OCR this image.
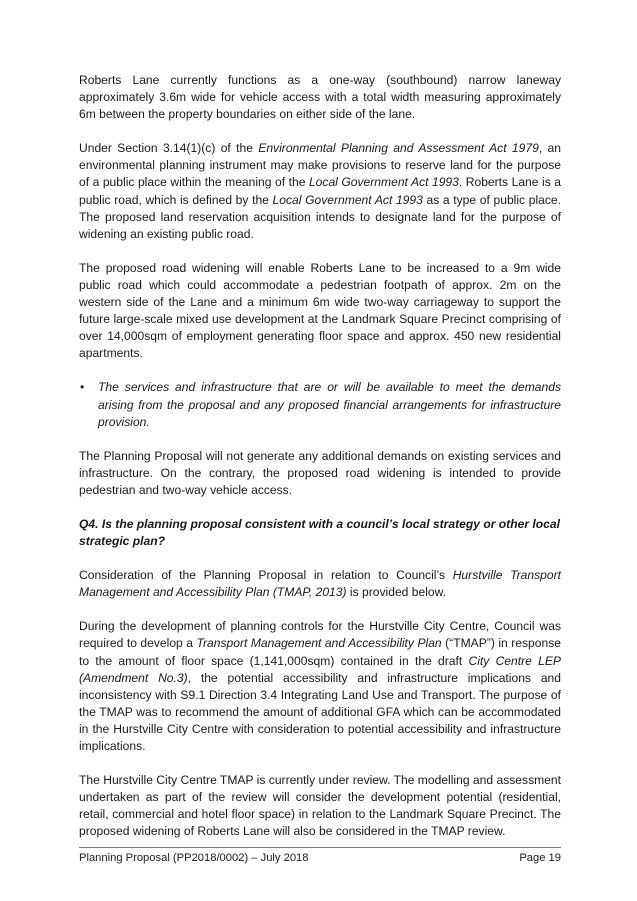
Roberts Lane currently functions as a one-way (southbound) narrow laneway approximately 3.6m wide for vehicle access with a total width measuring approximately 6m between the property boundaries on either side of the lane.

Under Section 3.14(1)(c) of the Environmental Planning and Assessment Act 1979, an environmental planning instrument may make provisions to reserve land for the purpose of a public place within the meaning of the Local Government Act 1993. Roberts Lane is a public road, which is defined by the Local Government Act 1993 as a type of public place. The proposed land reservation acquisition intends to designate land for the purpose of widening an existing public road.

The proposed road widening will enable Roberts Lane to be increased to a 9m wide public road which could accommodate a pedestrian footpath of approx. 2m on the western side of the Lane and a minimum 6m wide two-way carriageway to support the future large-scale mixed use development at the Landmark Square Precinct comprising of over 14,000sqm of employment generating floor space and approx. 450 new residential apartments.

•	The services and infrastructure that are or will be available to meet the demands arising from the proposal and any proposed financial arrangements for infrastructure provision.

The Planning Proposal will not generate any additional demands on existing services and infrastructure. On the contrary, the proposed road widening is intended to provide pedestrian and two-way vehicle access.

Q4. Is the planning proposal consistent with a council’s local strategy or other local strategic plan?

Consideration of the Planning Proposal in relation to Council’s Hurstville Transport Management and Accessibility Plan (TMAP, 2013) is provided below.

During the development of planning controls for the Hurstville City Centre, Council was required to develop a Transport Management and Accessibility Plan (“TMAP”) in response to the amount of floor space (1,141,000sqm) contained in the draft City Centre LEP (Amendment No.3), the potential accessibility and infrastructure implications and inconsistency with S9.1 Direction 3.4 Integrating Land Use and Transport. The purpose of the TMAP was to recommend the amount of additional GFA which can be accommodated in the Hurstville City Centre with consideration to potential accessibility and infrastructure implications.

The Hurstville City Centre TMAP is currently under review. The modelling and assessment undertaken as part of the review will consider the development potential (residential, retail, commercial and hotel floor space) in relation to the Landmark Square Precinct. The proposed widening of Roberts Lane will also be considered in the TMAP review.

Planning Proposal (PP2018/0002) – July 2018	Page 19
